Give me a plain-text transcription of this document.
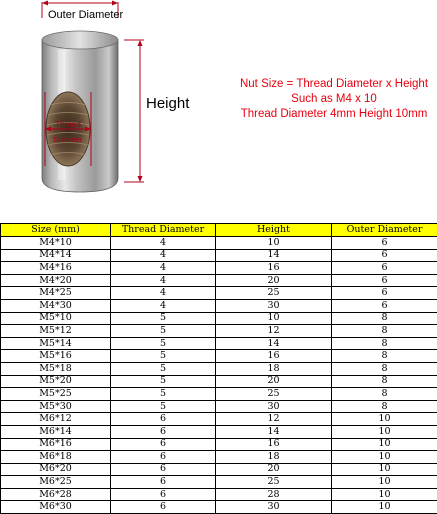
Thread
Diameter
Outer Diameter
Height
Nut Size = Thread Diameter x Height
Such as M4 x 10
Thread Diameter 4mm Height 10mm
Size (mm)	Thread Diameter	Height	Outer Diameter
M4*10	4	10	6
M4*14	4	14	6
M4*16	4	16	6
M4*20	4	20	6
M4*25	4	25	6
M4*30	4	30	6
M5*10	5	10	8
M5*12	5	12	8
M5*14	5	14	8
M5*16	5	16	8
M5*18	5	18	8
M5*20	5	20	8
M5*25	5	25	8
M5*30	5	30	8
M6*12	6	12	10
M6*14	6	14	10
M6*16	6	16	10
M6*18	6	18	10
M6*20	6	20	10
M6*25	6	25	10
M6*28	6	28	10
M6*30	6	30	10
